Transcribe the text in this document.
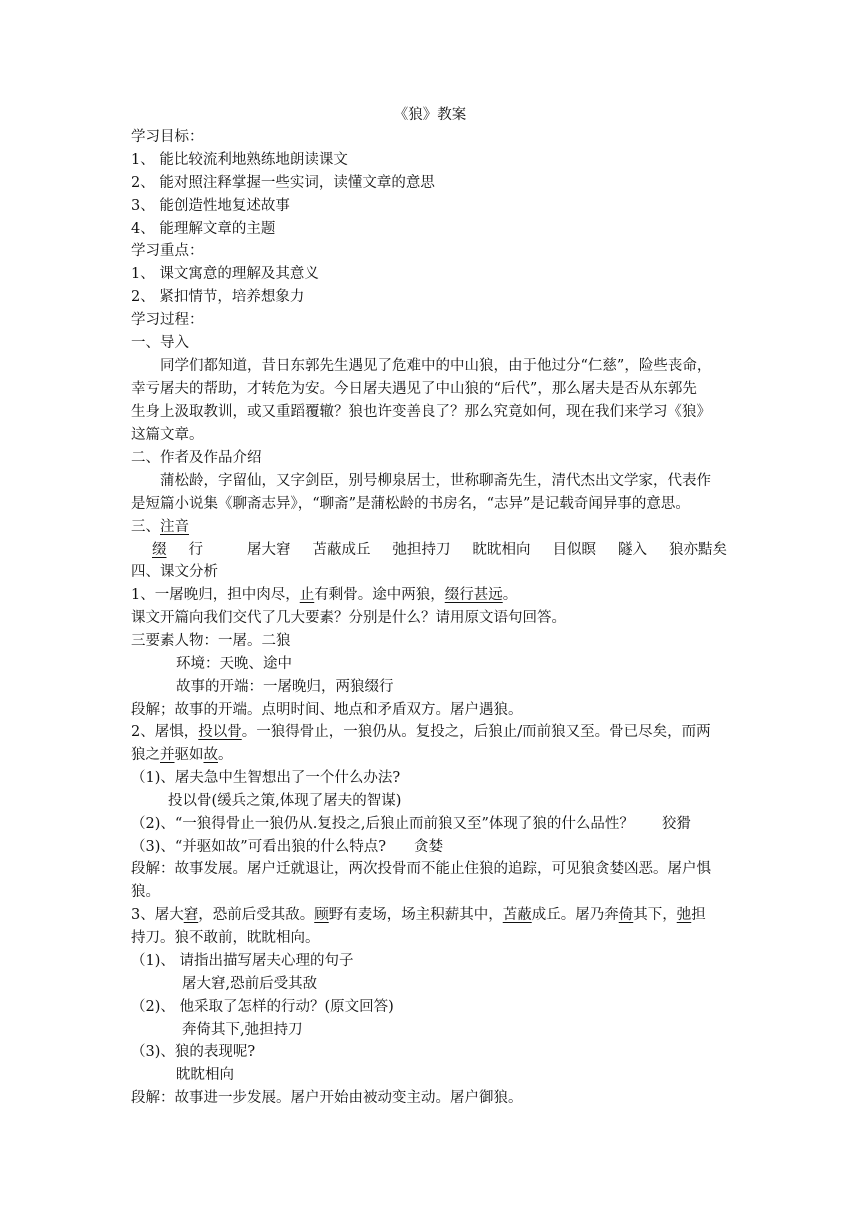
《狼》教案
学习目标：
1、 能比较流利地熟练地朗读课文
2、 能对照注释掌握一些实词，读懂文章的意思
3、 能创造性地复述故事
4、 能理解文章的主题
学习重点：
1、 课文寓意的理解及其意义
2、 紧扣情节，培养想象力
学习过程：
一、导入
同学们都知道，昔日东郭先生遇见了危难中的中山狼，由于他过分“仁慈”，险些丧命，
幸亏屠夫的帮助，才转危为安。今日屠夫遇见了中山狼的“后代”，那么屠夫是否从东郭先
生身上汲取教训，或又重蹈覆辙？狼也许变善良了？那么究竟如何，现在我们来学习《狼》
这篇文章。
二、作者及作品介绍
蒲松龄，字留仙，又字剑臣，别号柳泉居士，世称聊斋先生，清代杰出文学家，代表作
是短篇小说集《聊斋志异》，“聊斋”是蒲松龄的书房名，“志异”是记载奇闻异事的意思。
三、注音
缀 行	屠大窘 苫蔽成丘 弛担持刀 眈眈相向 目似瞑 隧入 狼亦黠矣
四、课文分析
1、一屠晚归，担中肉尽，止有剩骨。途中两狼，缀行甚远。
课文开篇向我们交代了几大要素？分别是什么？请用原文语句回答。
三要素人物：一屠。二狼
环境：天晚、途中
故事的开端：一屠晚归，两狼缀行
段解；故事的开端。点明时间、地点和矛盾双方。屠户遇狼。
2、屠惧，投以骨。一狼得骨止，一狼仍从。复投之，后狼止/而前狼又至。骨已尽矣，而两
狼之并驱如故。
（1)、屠夫急中生智想出了一个什么办法?
投以骨(缓兵之策,体现了屠夫的智谋)
（2)、“一狼得骨止一狼仍从.复投之,后狼止而前狼又至”体现了狼的什么品性？ 狡猾
（3)、“并驱如故”可看出狼的什么特点? 贪婪
段解：故事发展。屠户迁就退让，两次投骨而不能止住狼的追踪，可见狼贪婪凶恶。屠户惧
狼。
3、屠大窘，恐前后受其敌。顾野有麦场，场主积薪其中，苫蔽成丘。屠乃奔倚其下，弛担
持刀。狼不敢前，眈眈相向。
（1)、 请指出描写屠夫心理的句子
屠大窘,恐前后受其敌
（2)、 他采取了怎样的行动？(原文回答)
奔倚其下,弛担持刀
（3)、狼的表现呢?
眈眈相向
段解：故事进一步发展。屠户开始由被动变主动。屠户御狼。
